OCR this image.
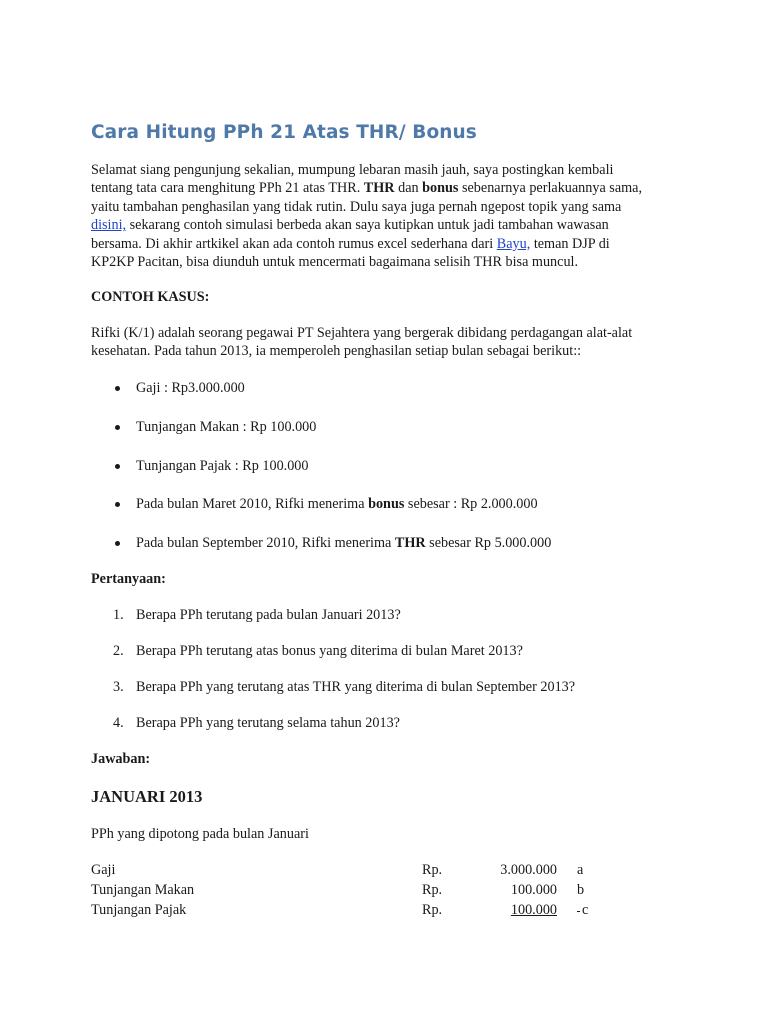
Cara Hitung PPh 21 Atas THR/ Bonus

Selamat siang pengunjung sekalian, mumpung lebaran masih jauh, saya postingkan kembali
tentang tata cara menghitung PPh 21 atas THR. THR dan bonus sebenarnya perlakuannya sama,
yaitu tambahan penghasilan yang tidak rutin. Dulu saya juga pernah ngepost topik yang sama
disini, sekarang contoh simulasi berbeda akan saya kutipkan untuk jadi tambahan wawasan
bersama. Di akhir artkikel akan ada contoh rumus excel sederhana dari Bayu, teman DJP di
KP2KP Pacitan, bisa diunduh untuk mencermati bagaimana selisih THR bisa muncul.

CONTOH KASUS:

Rifki (K/1) adalah seorang pegawai PT Sejahtera yang bergerak dibidang perdagangan alat-alat
kesehatan. Pada tahun 2013, ia memperoleh penghasilan setiap bulan sebagai berikut::

Gaji : Rp3.000.000
Tunjangan Makan : Rp 100.000
Tunjangan Pajak : Rp 100.000
Pada bulan Maret 2010, Rifki menerima bonus sebesar : Rp 2.000.000
Pada bulan September 2010, Rifki menerima THR sebesar Rp 5.000.000

Pertanyaan:

1. Berapa PPh terutang pada bulan Januari 2013?
2. Berapa PPh terutang atas bonus yang diterima di bulan Maret 2013?
3. Berapa PPh yang terutang atas THR yang diterima di bulan September 2013?
4. Berapa PPh yang terutang selama tahun 2013?

Jawaban:

JANUARI 2013

PPh yang dipotong pada bulan Januari

Gaji	Rp.	3.000.000 a
Tunjangan Makan	Rp.	100.000 b
Tunjangan Pajak	Rp.	100.000	c
